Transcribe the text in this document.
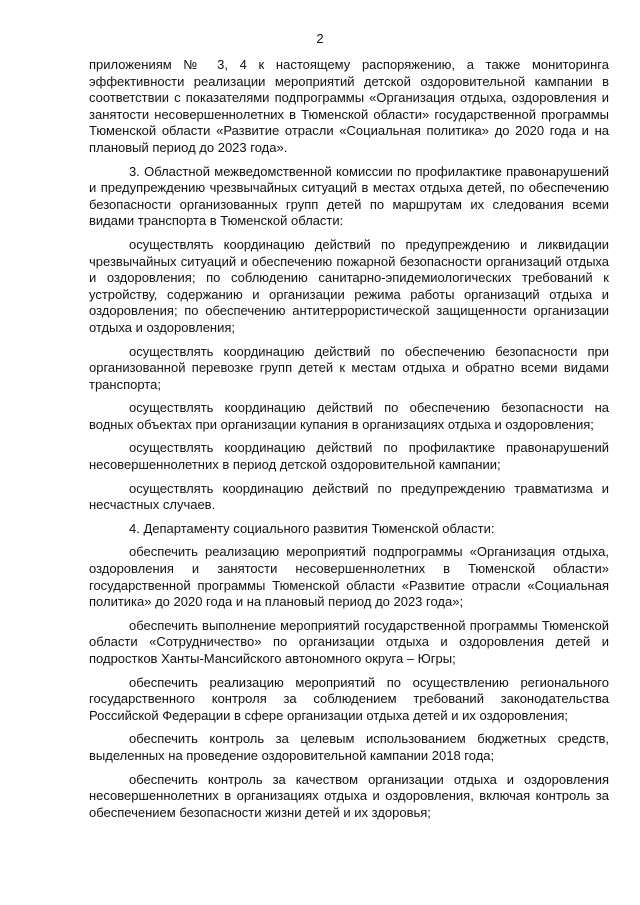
2

приложениям № 3, 4 к настоящему распоряжению, а также мониторинга эффективности реализации мероприятий детской оздоровительной кампании в соответствии с показателями подпрограммы «Организация отдыха, оздоровления и занятости несовершеннолетних в Тюменской области» государственной программы Тюменской области «Развитие отрасли «Социальная политика» до 2020 года и на плановый период до 2023 года».

3. Областной межведомственной комиссии по профилактике правонарушений и предупреждению чрезвычайных ситуаций в местах отдыха детей, по обеспечению безопасности организованных групп детей по маршрутам их следования всеми видами транспорта в Тюменской области:

осуществлять координацию действий по предупреждению и ликвидации чрезвычайных ситуаций и обеспечению пожарной безопасности организаций отдыха и оздоровления; по соблюдению санитарно-эпидемиологических требований к устройству, содержанию и организации режима работы организаций отдыха и оздоровления; по обеспечению антитеррористической защищенности организации отдыха и оздоровления;

осуществлять координацию действий по обеспечению безопасности при организованной перевозке групп детей к местам отдыха и обратно всеми видами транспорта;

осуществлять координацию действий по обеспечению безопасности на водных объектах при организации купания в организациях отдыха и оздоровления;

осуществлять координацию действий по профилактике правонарушений несовершеннолетних в период детской оздоровительной кампании;

осуществлять координацию действий по предупреждению травматизма и несчастных случаев.

4. Департаменту социального развития Тюменской области:

обеспечить реализацию мероприятий подпрограммы «Организация отдыха, оздоровления и занятости несовершеннолетних в Тюменской области» государственной программы Тюменской области «Развитие отрасли «Социальная политика» до 2020 года и на плановый период до 2023 года»;

обеспечить выполнение мероприятий государственной программы Тюменской области «Сотрудничество» по организации отдыха и оздоровления детей и подростков Ханты-Мансийского автономного округа – Югры;

обеспечить реализацию мероприятий по осуществлению регионального государственного контроля за соблюдением требований законодательства Российской Федерации в сфере организации отдыха детей и их оздоровления;

обеспечить контроль за целевым использованием бюджетных средств, выделенных на проведение оздоровительной кампании 2018 года;

обеспечить контроль за качеством организации отдыха и оздоровления несовершеннолетних в организациях отдыха и оздоровления, включая контроль за обеспечением безопасности жизни детей и их здоровья;
